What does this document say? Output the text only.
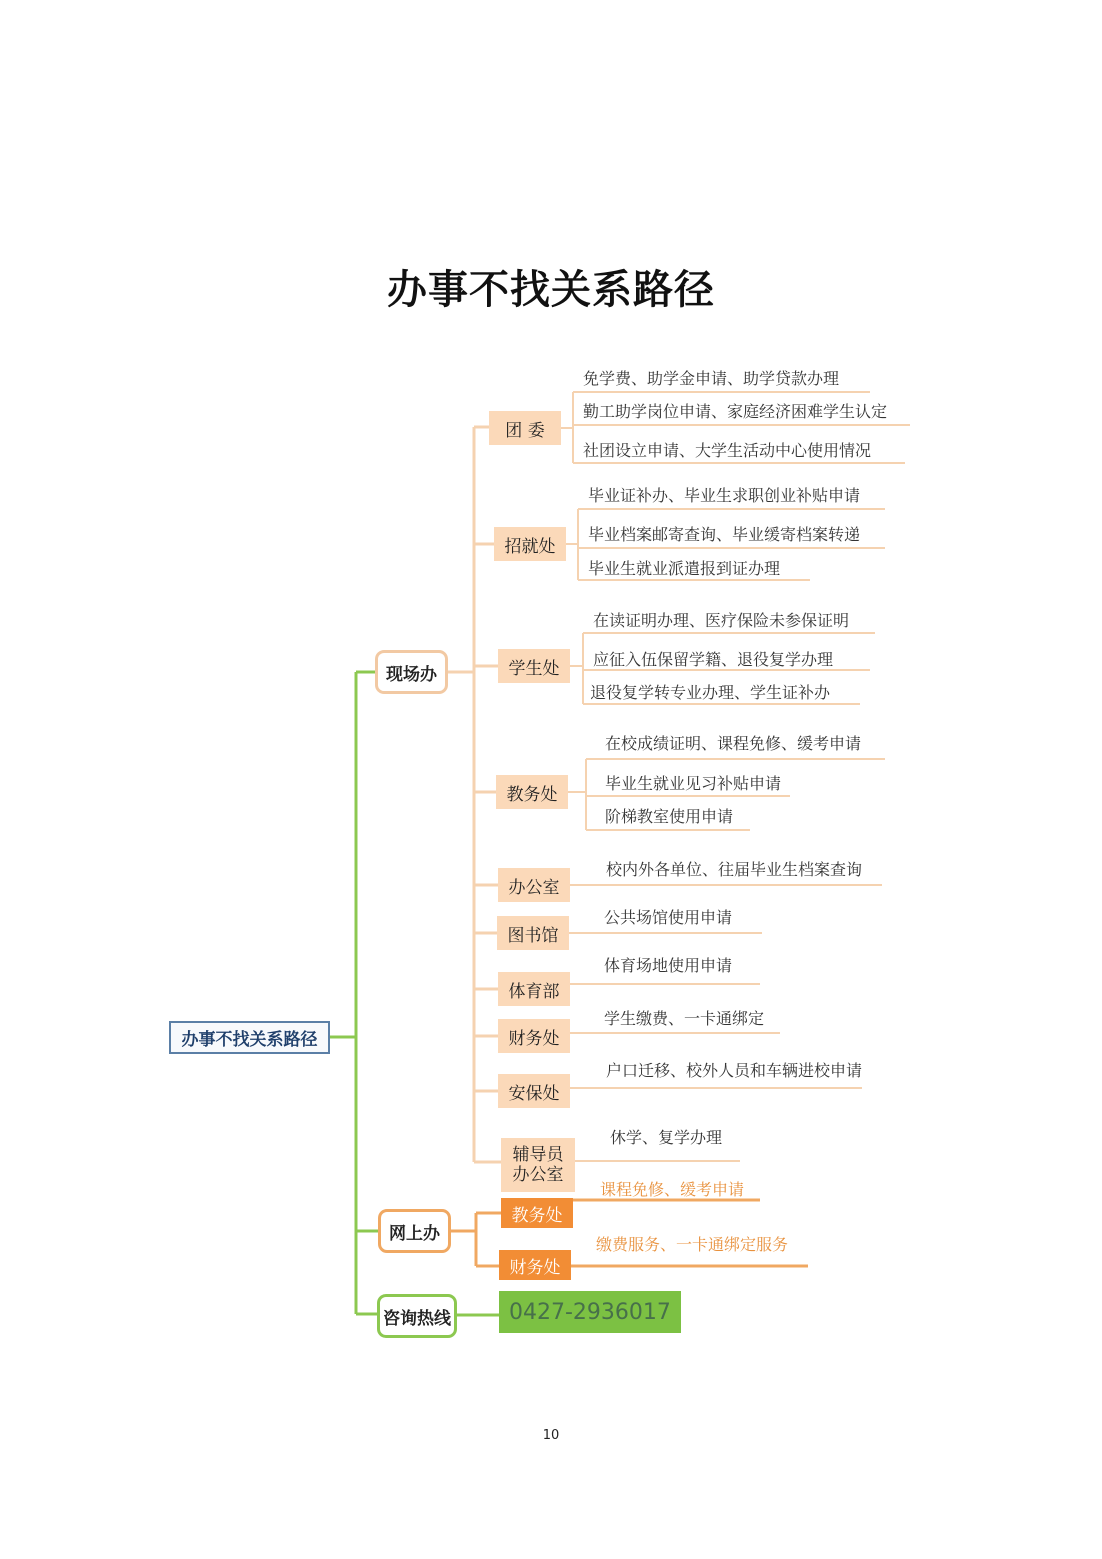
办事不找关系路径
办事不找关系路径
现场办
网上办
咨询热线
团 委
招就处
学生处
教务处
办公室
图书馆
体育部
财务处
安保处
辅导员办公室
教务处
财务处
免学费、助学金申请、助学贷款办理
勤工助学岗位申请、家庭经济困难学生认定
社团设立申请、大学生活动中心使用情况
毕业证补办、毕业生求职创业补贴申请
毕业档案邮寄查询、毕业缓寄档案转递
毕业生就业派遣报到证办理
在读证明办理、医疗保险未参保证明
应征入伍保留学籍、退役复学办理
退役复学转专业办理、学生证补办
在校成绩证明、课程免修、缓考申请
毕业生就业见习补贴申请
阶梯教室使用申请
校内外各单位、往届毕业生档案查询
公共场馆使用申请
体育场地使用申请
学生缴费、一卡通绑定
户口迁移、校外人员和车辆进校申请
休学、复学办理
课程免修、缓考申请
缴费服务、一卡通绑定服务
0427-2936017
10
